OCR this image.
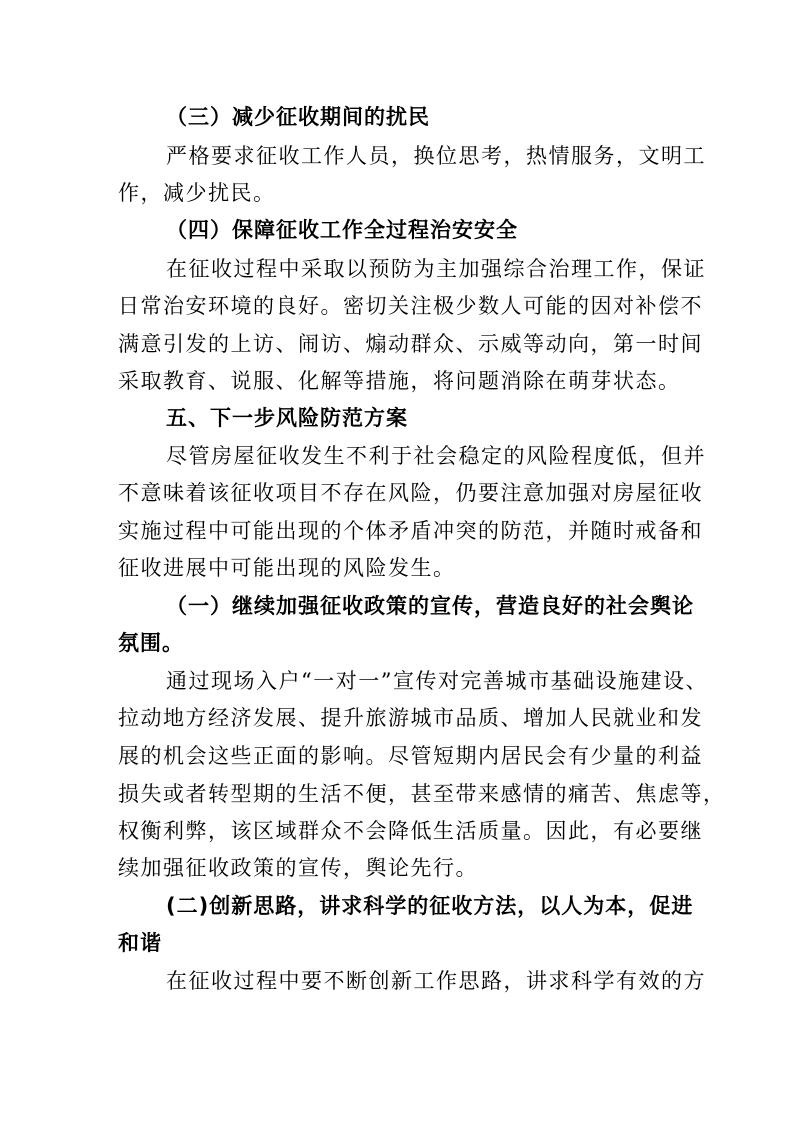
（三）减少征收期间的扰民

严格要求征收工作人员，换位思考，热情服务，文明工

作，减少扰民。

（四）保障征收工作全过程治安安全

在征收过程中采取以预防为主加强综合治理工作，保证

日常治安环境的良好。密切关注极少数人可能的因对补偿不

满意引发的上访、闹访、煽动群众、示威等动向，第一时间

采取教育、说服、化解等措施，将问题消除在萌芽状态。

五、下一步风险防范方案

尽管房屋征收发生不利于社会稳定的风险程度低，但并

不意味着该征收项目不存在风险，仍要注意加强对房屋征收

实施过程中可能出现的个体矛盾冲突的防范，并随时戒备和

征收进展中可能出现的风险发生。

（一）继续加强征收政策的宣传，营造良好的社会舆论

氛围。

通过现场入户“一对一”宣传对完善城市基础设施建设、

拉动地方经济发展、提升旅游城市品质、增加人民就业和发

展的机会这些正面的影响。尽管短期内居民会有少量的利益

损失或者转型期的生活不便，甚至带来感情的痛苦、焦虑等，

权衡利弊，该区域群众不会降低生活质量。因此，有必要继

续加强征收政策的宣传，舆论先行。

(二)创新思路，讲求科学的征收方法，以人为本，促进

和谐

在征收过程中要不断创新工作思路，讲求科学有效的方
